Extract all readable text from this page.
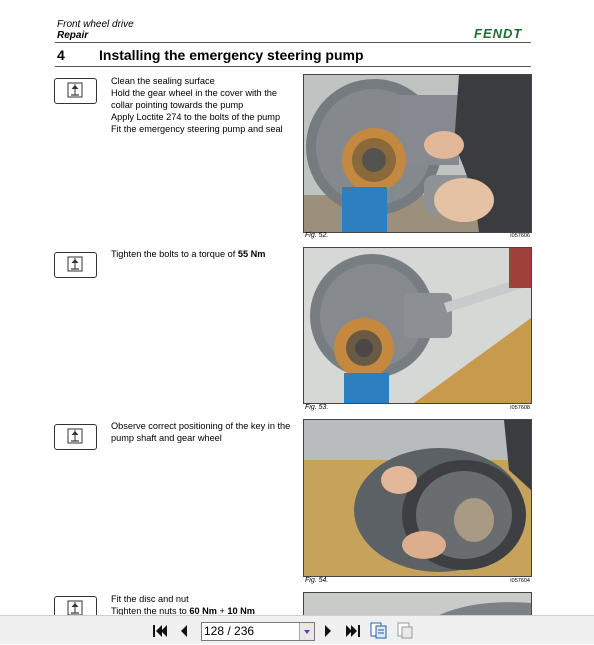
Front wheel drive
Repair	FENDT
4 Installing the emergency steering pump
Clean the sealing surface
Hold the gear wheel in the cover with the collar pointing towards the pump
Apply Loctite 274 to the bolts of the pump
Fit the emergency steering pump and seal
Fig. 52.	I057606
Tighten the bolts to a torque of 55 Nm
Fig. 53.	I057608
Observe correct positioning of the key in the pump shaft and gear wheel
Fig. 54.	I057604
Fit the disc and nut
Tighten the nuts to 60 Nm + 10 Nm
128 / 236
